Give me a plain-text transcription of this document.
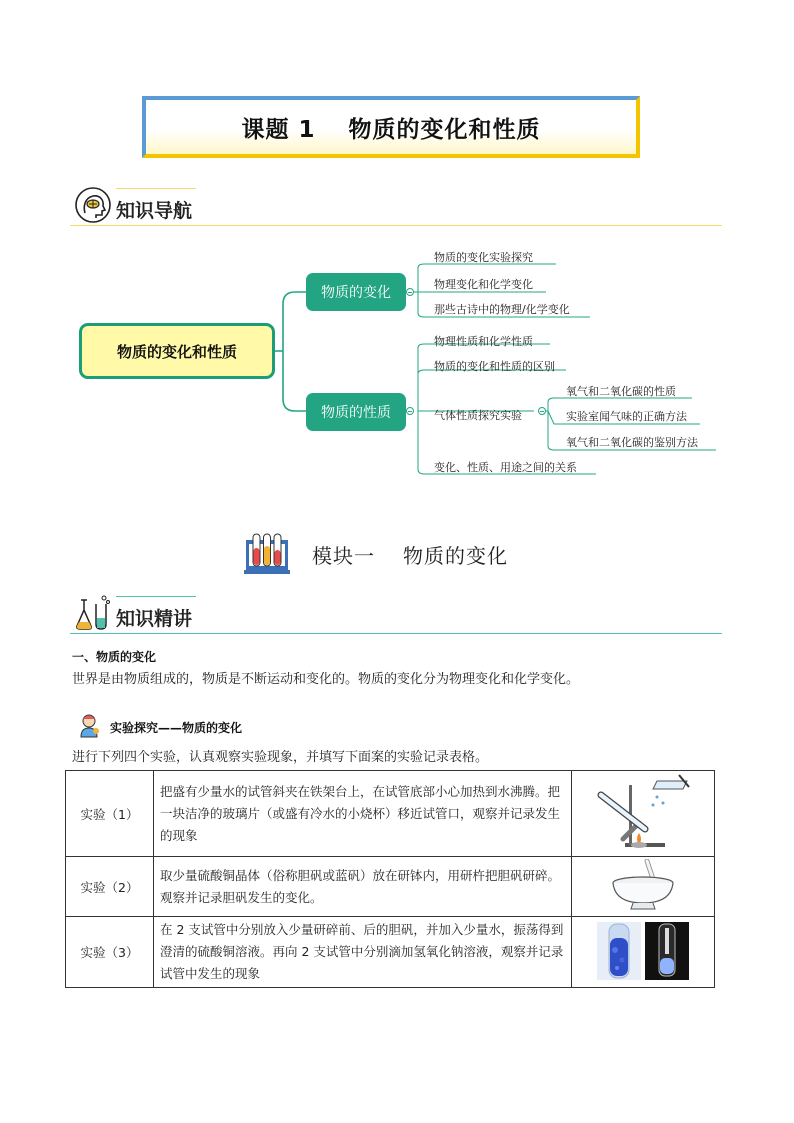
课题 1　 物质的变化和性质
知识导航
物质的变化和性质
物质的变化
物质的性质
物质的变化实验探究
物理变化和化学变化
那些古诗中的物理/化学变化
物理性质和化学性质
物质的变化和性质的区别
气体性质探究实验
变化、性质、用途之间的关系
氧气和二氧化碳的性质
实验室闻气味的正确方法
氧气和二氧化碳的鉴别方法
模块一 物质的变化
知识精讲
一、物质的变化
世界是由物质组成的，物质是不断运动和变化的。物质的变化分为物理变化和化学变化。
实验探究——物质的变化
进行下列四个实验，认真观察实验现象，并填写下面案的实验记录表格。
实验（1）	把盛有少量水的试管斜夹在铁架台上，在试管底部小心加热到水沸腾。把一块洁净的玻璃片（或盛有冷水的小烧杯）移近试管口，观察并记录发生的现象	
实验（2）	取少量硫酸铜晶体（俗称胆矾或蓝矾）放在研钵内，用研杵把胆矾研碎。观察并记录胆矾发生的变化。	
实验（3）	在 2 支试管中分别放入少量研碎前、后的胆矾，并加入少量水，振荡得到澄清的硫酸铜溶液。再向 2 支试管中分别滴加氢氧化钠溶液，观察并记录试管中发生的现象	
